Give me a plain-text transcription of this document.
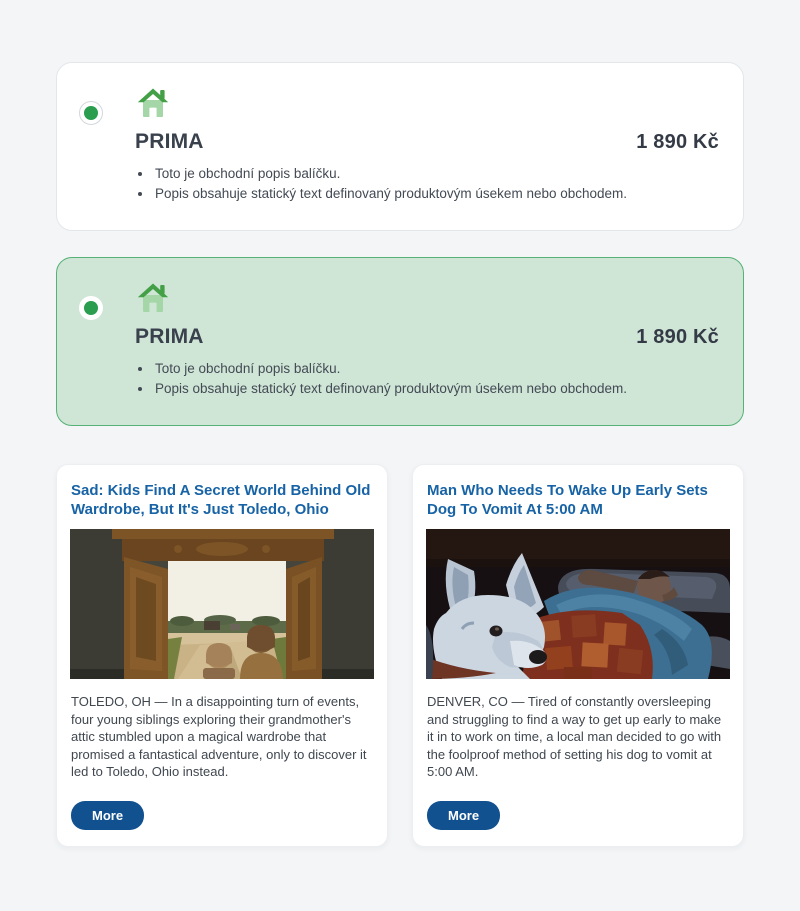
PRIMA	1 890 Kč
• Toto je obchodní popis balíčku.
• Popis obsahuje statický text definovaný produktovým úsekem nebo obchodem.
PRIMA	1 890 Kč
• Toto je obchodní popis balíčku.
• Popis obsahuje statický text definovaný produktovým úsekem nebo obchodem.
Sad: Kids Find A Secret World Behind Old Wardrobe, But It's Just Toledo, Ohio
TOLEDO, OH — In a disappointing turn of events, four young siblings exploring their grandmother's attic stumbled upon a magical wardrobe that promised a fantastical adventure, only to discover it led to Toledo, Ohio instead.
More
Man Who Needs To Wake Up Early Sets Dog To Vomit At 5:00 AM
DENVER, CO — Tired of constantly oversleeping and struggling to find a way to get up early to make it in to work on time, a local man decided to go with the foolproof method of setting his dog to vomit at 5:00 AM.
More
